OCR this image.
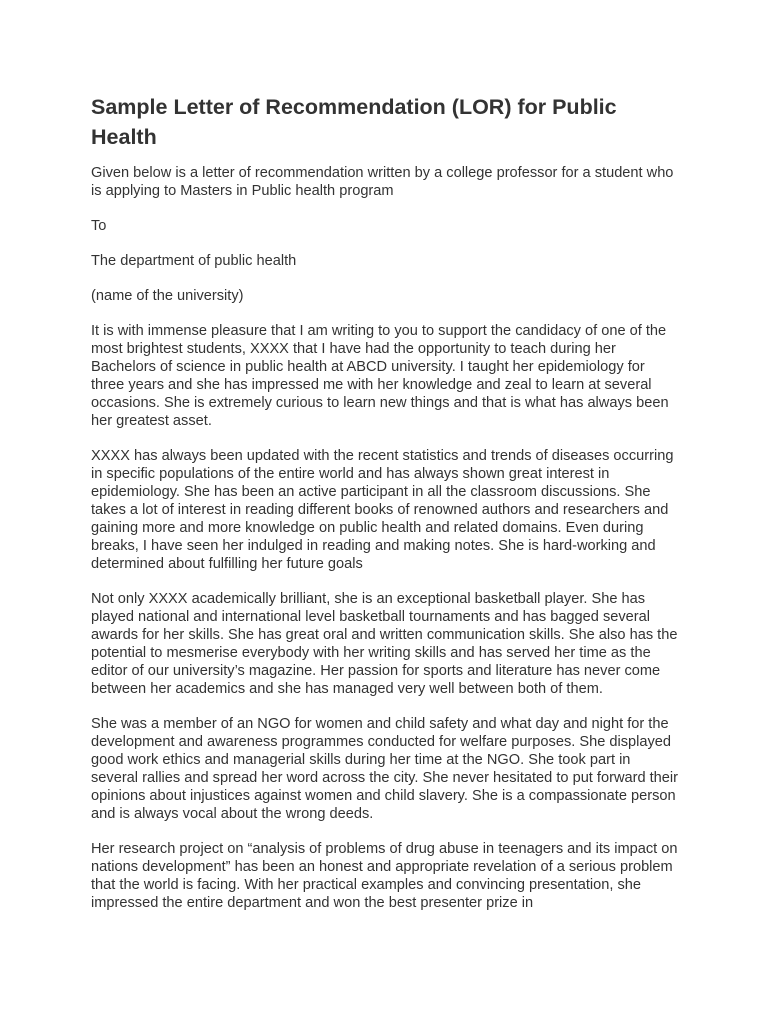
Sample Letter of Recommendation (LOR) for Public Health

Given below is a letter of recommendation written by a college professor for a student who is applying to Masters in Public health program

To

The department of public health

(name of the university)

It is with immense pleasure that I am writing to you to support the candidacy of one of the most brightest students, XXXX that I have had the opportunity to teach during her Bachelors of science in public health at ABCD university. I taught her epidemiology for three years and she has impressed me with her knowledge and zeal to learn at several occasions. She is extremely curious to learn new things and that is what has always been her greatest asset.

XXXX has always been updated with the recent statistics and trends of diseases occurring in specific populations of the entire world and has always shown great interest in epidemiology. She has been an active participant in all the classroom discussions. She takes a lot of interest in reading different books of renowned authors and researchers and gaining more and more knowledge on public health and related domains. Even during breaks, I have seen her indulged in reading and making notes. She is hard-working and determined about fulfilling her future goals

Not only XXXX academically brilliant, she is an exceptional basketball player. She has played national and international level basketball tournaments and has bagged several awards for her skills. She has great oral and written communication skills. She also has the potential to mesmerise everybody with her writing skills and has served her time as the editor of our university’s magazine. Her passion for sports and literature has never come between her academics and she has managed very well between both of them.

She was a member of an NGO for women and child safety and what day and night for the development and awareness programmes conducted for welfare purposes. She displayed good work ethics and managerial skills during her time at the NGO. She took part in several rallies and spread her word across the city. She never hesitated to put forward their opinions about injustices against women and child slavery. She is a compassionate person and is always vocal about the wrong deeds.

Her research project on “analysis of problems of drug abuse in teenagers and its impact on nations development” has been an honest and appropriate revelation of a serious problem that the world is facing. With her practical examples and convincing presentation, she impressed the entire department and won the best presenter prize in
